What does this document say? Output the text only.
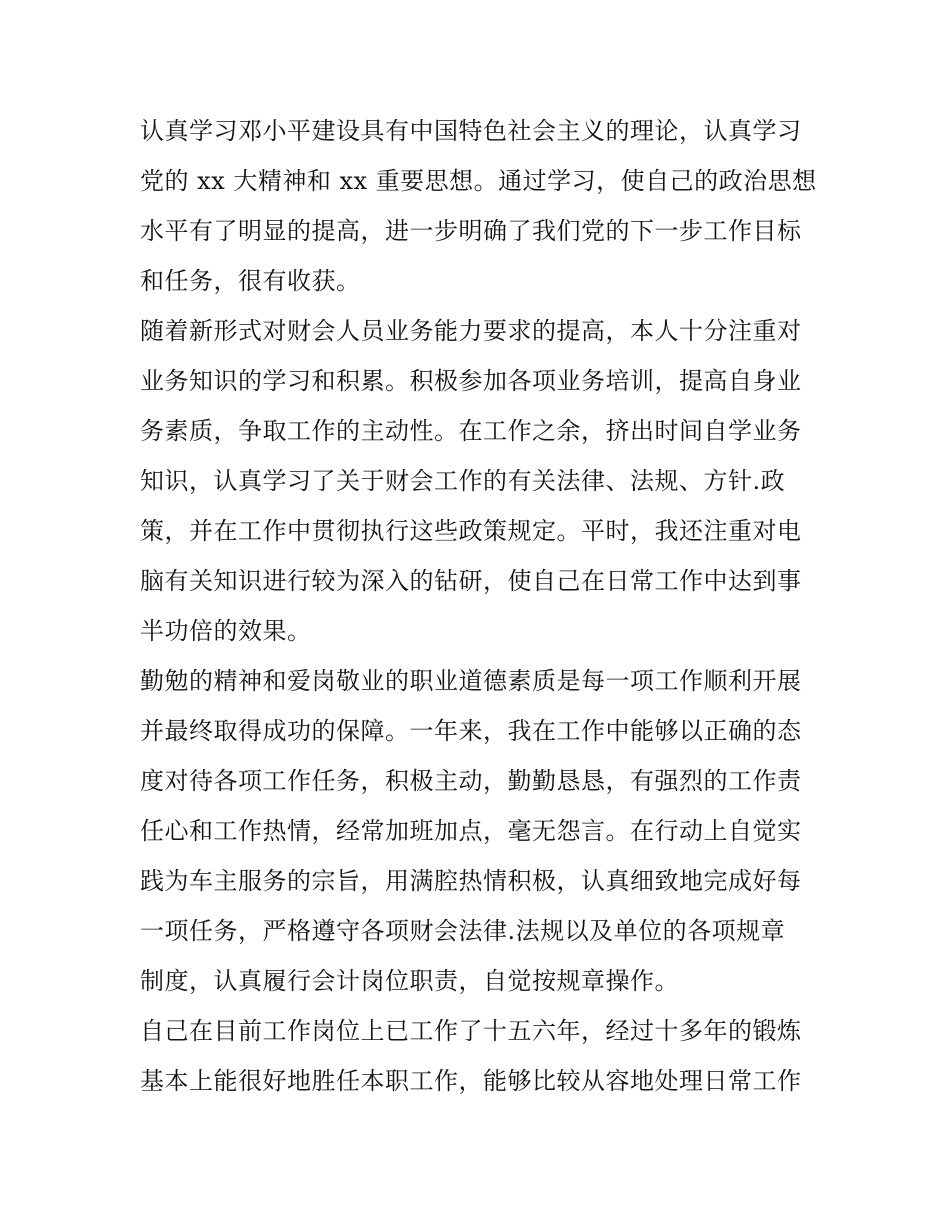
认真学习邓小平建设具有中国特色社会主义的理论，认真学习
党的 xx 大精神和 xx 重要思想。通过学习，使自己的政治思想
水平有了明显的提高，进一步明确了我们党的下一步工作目标
和任务，很有收获。
随着新形式对财会人员业务能力要求的提高，本人十分注重对
业务知识的学习和积累。积极参加各项业务培训，提高自身业
务素质，争取工作的主动性。在工作之余，挤出时间自学业务
知识，认真学习了关于财会工作的有关法律、法规、方针.政
策，并在工作中贯彻执行这些政策规定。平时，我还注重对电
脑有关知识进行较为深入的钻研，使自己在日常工作中达到事
半功倍的效果。
勤勉的精神和爱岗敬业的职业道德素质是每一项工作顺利开展
并最终取得成功的保障。一年来，我在工作中能够以正确的态
度对待各项工作任务，积极主动，勤勤恳恳，有强烈的工作责
任心和工作热情，经常加班加点，毫无怨言。在行动上自觉实
践为车主服务的宗旨，用满腔热情积极，认真细致地完成好每
一项任务，严格遵守各项财会法律.法规以及单位的各项规章
制度，认真履行会计岗位职责，自觉按规章操作。
自己在目前工作岗位上已工作了十五六年，经过十多年的锻炼
基本上能很好地胜任本职工作，能够比较从容地处理日常工作
